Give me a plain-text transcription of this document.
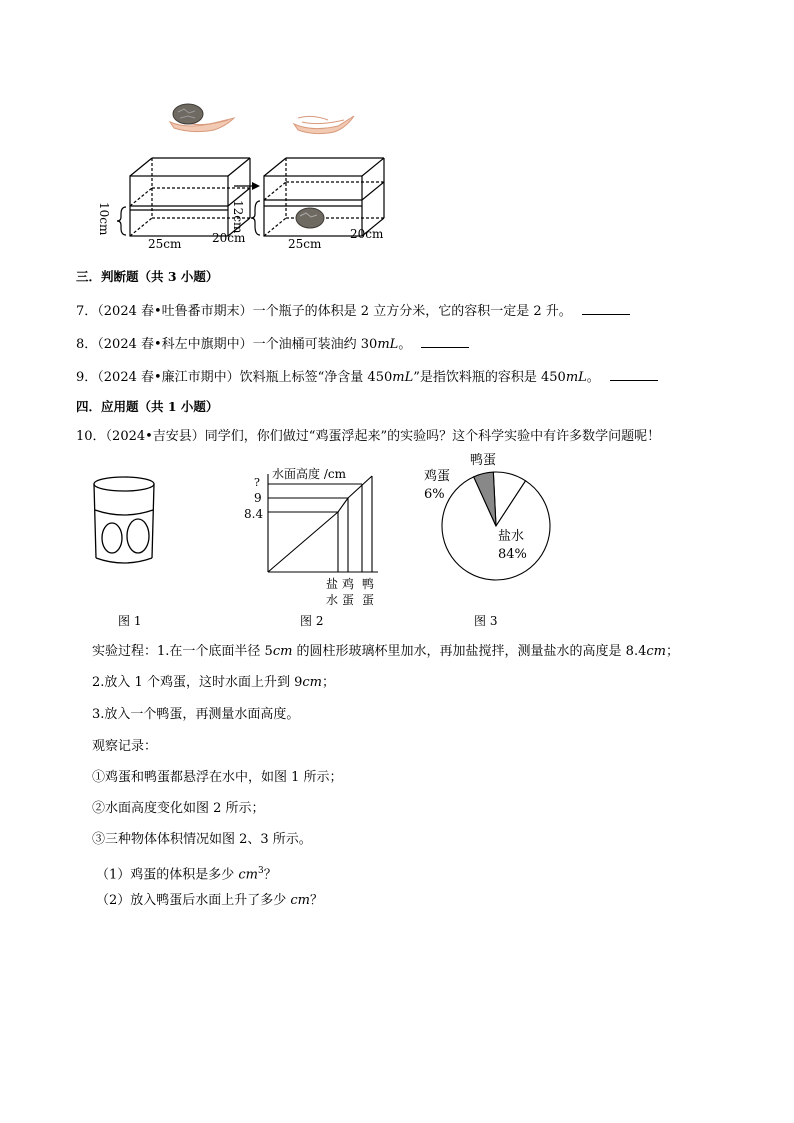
10cm
25cm	20cm
12cm
25cm
20cm
三．判断题（共 3 小题）
7．（2024 春•吐鲁番市期末）一个瓶子的体积是 2 立方分米，它的容积一定是 2 升。
8．（2024 春•科左中旗期中）一个油桶可装油约 30mL。
9．（2024 春•廉江市期中）饮料瓶上标签“净含量 450mL”是指饮料瓶的容积是 450mL。
四．应用题（共 1 小题）
10．（2024•吉安县）同学们，你们做过“鸡蛋浮起来”的实验吗？这个科学实验中有许多数学问题呢！
水面高度 /cm
?
9
8.4
盐
水
鸡
蛋
鸭
蛋
鸡蛋
6%
鸭蛋
盐水
84%
图 1	图 2	图 3
实验过程：1.在一个底面半径 5cm 的圆柱形玻璃杯里加水，再加盐搅拌，测量盐水的高度是 8.4cm；
2.放入 1 个鸡蛋，这时水面上升到 9cm；
3.放入一个鸭蛋，再测量水面高度。
观察记录：
①鸡蛋和鸭蛋都悬浮在水中，如图 1 所示；
②水面高度变化如图 2 所示；
③三种物体体积情况如图 2、3 所示。
（1）鸡蛋的体积是多少 $cm^3$？
（2）放入鸭蛋后水面上升了多少 cm？
